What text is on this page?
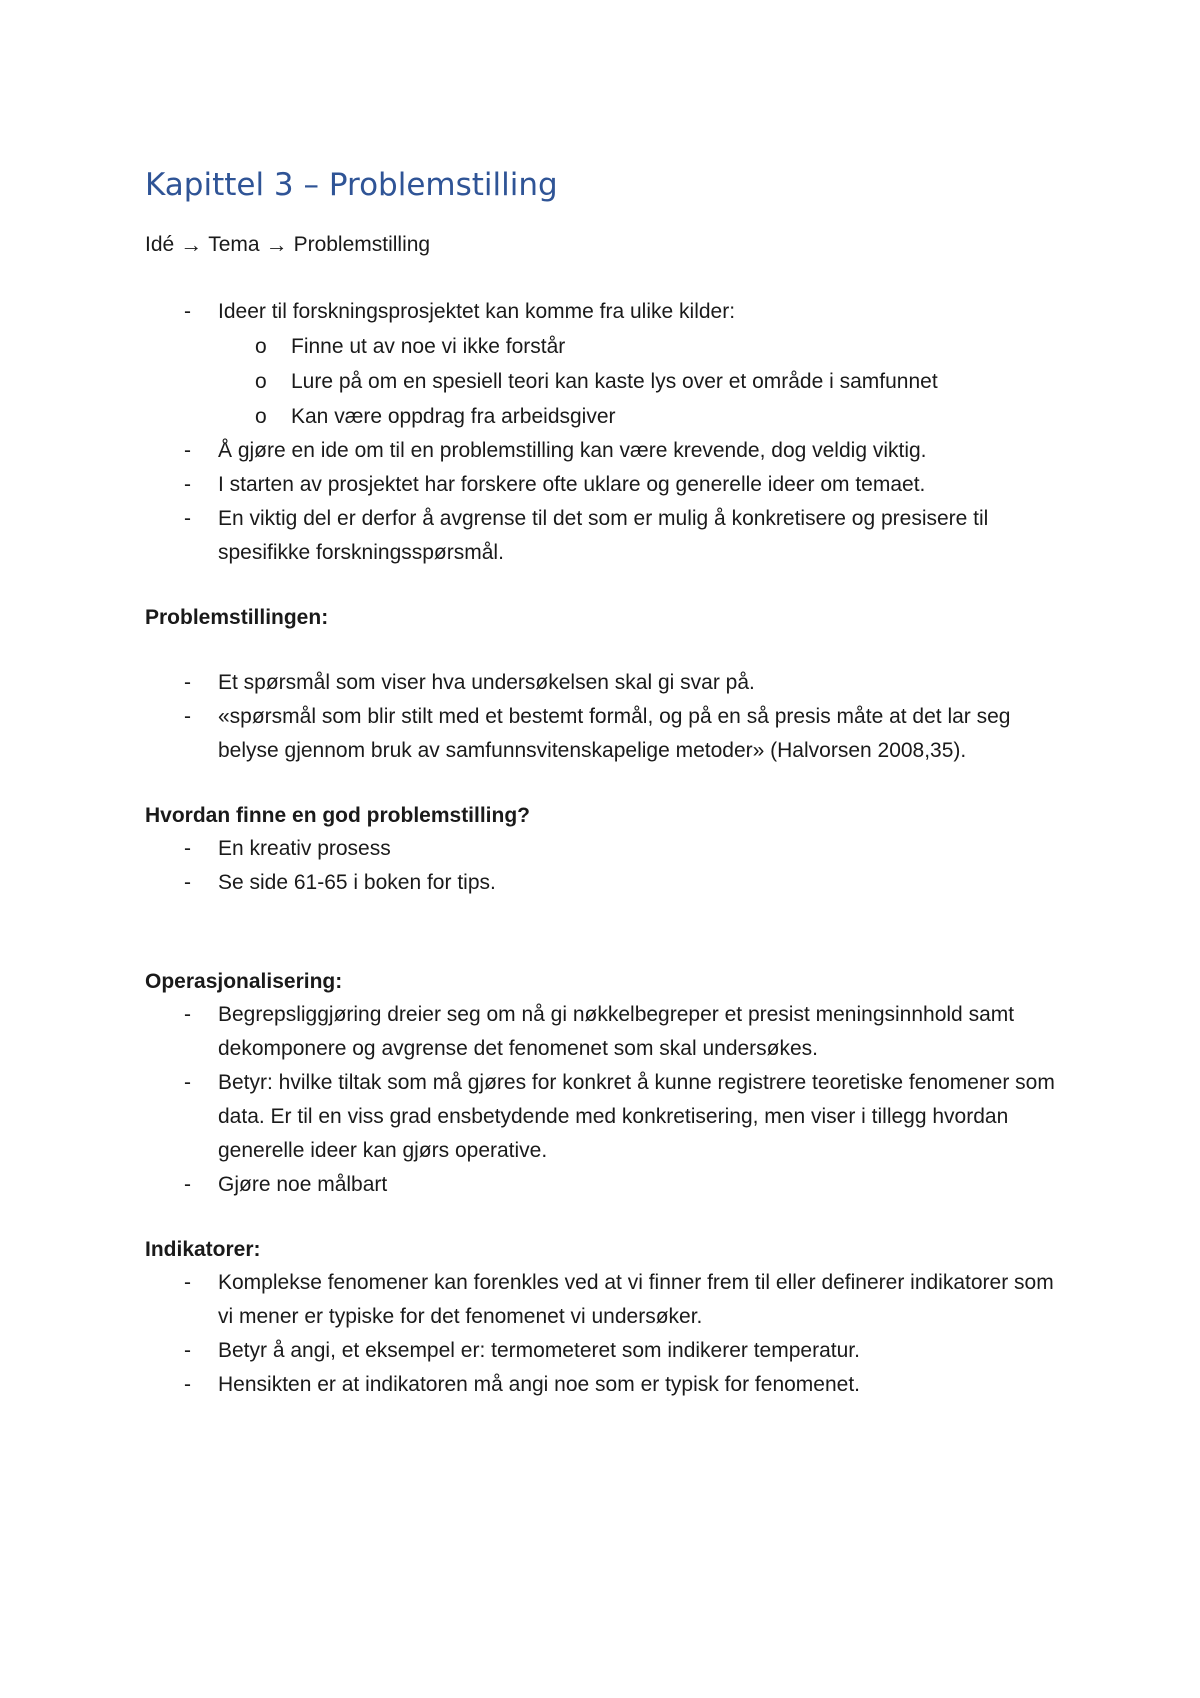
Kapittel 3 – Problemstilling
Idé → Tema → Problemstilling
- Ideer til forskningsprosjektet kan komme fra ulike kilder:
o Finne ut av noe vi ikke forstår
o Lure på om en spesiell teori kan kaste lys over et område i samfunnet
o Kan være oppdrag fra arbeidsgiver
- Å gjøre en ide om til en problemstilling kan være krevende, dog veldig viktig.
- I starten av prosjektet har forskere ofte uklare og generelle ideer om temaet.
- En viktig del er derfor å avgrense til det som er mulig å konkretisere og presisere til spesifikke forskningsspørsmål.

Problemstillingen:

- Et spørsmål som viser hva undersøkelsen skal gi svar på.
- «spørsmål som blir stilt med et bestemt formål, og på en så presis måte at det lar seg belyse gjennom bruk av samfunnsvitenskapelige metoder» (Halvorsen 2008,35).

Hvordan finne en god problemstilling?

- En kreativ prosess
- Se side 61-65 i boken for tips.

Operasjonalisering:

- Begrepsliggjøring dreier seg om nå gi nøkkelbegreper et presist meningsinnhold samt dekomponere og avgrense det fenomenet som skal undersøkes.
- Betyr: hvilke tiltak som må gjøres for konkret å kunne registrere teoretiske fenomener som data. Er til en viss grad ensbetydende med konkretisering, men viser i tillegg hvordan generelle ideer kan gjørs operative.
- Gjøre noe målbart

Indikatorer:

- Komplekse fenomener kan forenkles ved at vi finner frem til eller definerer indikatorer som vi mener er typiske for det fenomenet vi undersøker.
- Betyr å angi, et eksempel er: termometeret som indikerer temperatur.
- Hensikten er at indikatoren må angi noe som er typisk for fenomenet.
